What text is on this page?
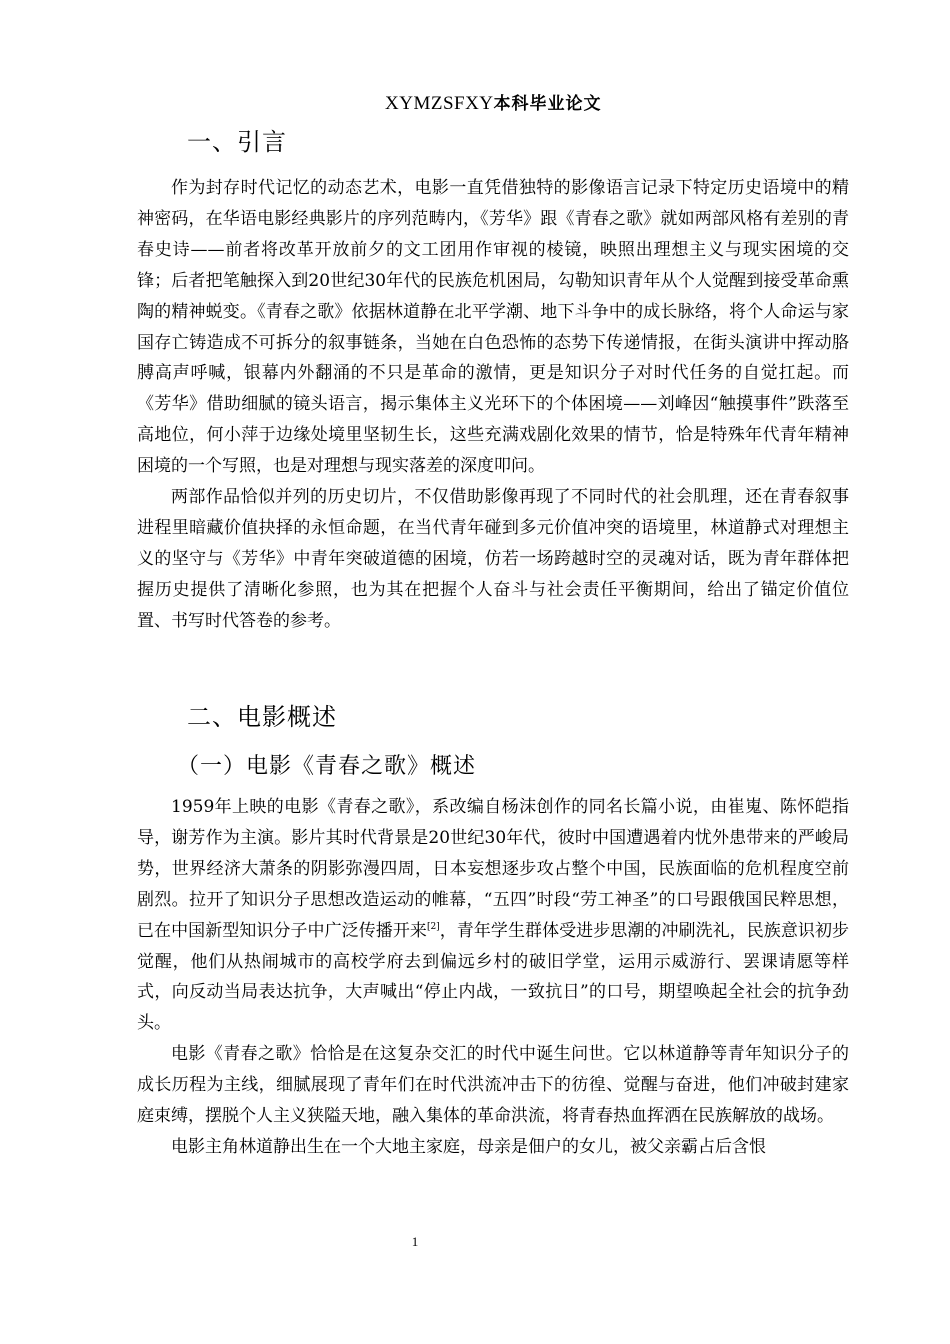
XYMZSFXY本科毕业论文
一、引言

作为封存时代记忆的动态艺术，电影一直凭借独特的影像语言记录下特定历史语境中的精神密码，在华语电影经典影片的序列范畴内，《芳华》跟《青春之歌》就如两部风格有差别的青春史诗——前者将改革开放前夕的文工团用作审视的棱镜，映照出理想主义与现实困境的交锋；后者把笔触探入到20世纪30年代的民族危机困局，勾勒知识青年从个人觉醒到接受革命熏陶的精神蜕变。《青春之歌》依据林道静在北平学潮、地下斗争中的成长脉络，将个人命运与家国存亡铸造成不可拆分的叙事链条，当她在白色恐怖的态势下传递情报，在街头演讲中挥动胳膊高声呼喊，银幕内外翻涌的不只是革命的激情，更是知识分子对时代任务的自觉扛起。而《芳华》借助细腻的镜头语言，揭示集体主义光环下的个体困境——刘峰因“触摸事件”跌落至高地位，何小萍于边缘处境里坚韧生长，这些充满戏剧化效果的情节，恰是特殊年代青年精神困境的一个写照，也是对理想与现实落差的深度叩问。

两部作品恰似并列的历史切片，不仅借助影像再现了不同时代的社会肌理，还在青春叙事进程里暗藏价值抉择的永恒命题，在当代青年碰到多元价值冲突的语境里，林道静式对理想主义的坚守与《芳华》中青年突破道德的困境，仿若一场跨越时空的灵魂对话，既为青年群体把握历史提供了清晰化参照，也为其在把握个人奋斗与社会责任平衡期间，给出了锚定价值位置、书写时代答卷的参考。

二、电影概述
（一）电影《青春之歌》概述

1959年上映的电影《青春之歌》，系改编自杨沫创作的同名长篇小说，由崔嵬、陈怀皑指导，谢芳作为主演。影片其时代背景是20世纪30年代，彼时中国遭遇着内忧外患带来的严峻局势，世界经济大萧条的阴影弥漫四周，日本妄想逐步攻占整个中国，民族面临的危机程度空前剧烈。拉开了知识分子思想改造运动的帷幕，“五四”时段“劳工神圣”的口号跟俄国民粹思想，已在中国新型知识分子中广泛传播开来[2]，青年学生群体受进步思潮的冲刷洗礼，民族意识初步觉醒，他们从热闹城市的高校学府去到偏远乡村的破旧学堂，运用示威游行、罢课请愿等样式，向反动当局表达抗争，大声喊出“停止内战，一致抗日”的口号，期望唤起全社会的抗争劲头。

电影《青春之歌》恰恰是在这复杂交汇的时代中诞生问世。它以林道静等青年知识分子的成长历程为主线，细腻展现了青年们在时代洪流冲击下的彷徨、觉醒与奋进，他们冲破封建家庭束缚，摆脱个人主义狭隘天地，融入集体的革命洪流，将青春热血挥洒在民族解放的战场。

电影主角林道静出生在一个大地主家庭，母亲是佃户的女儿，被父亲霸占后含恨

1
